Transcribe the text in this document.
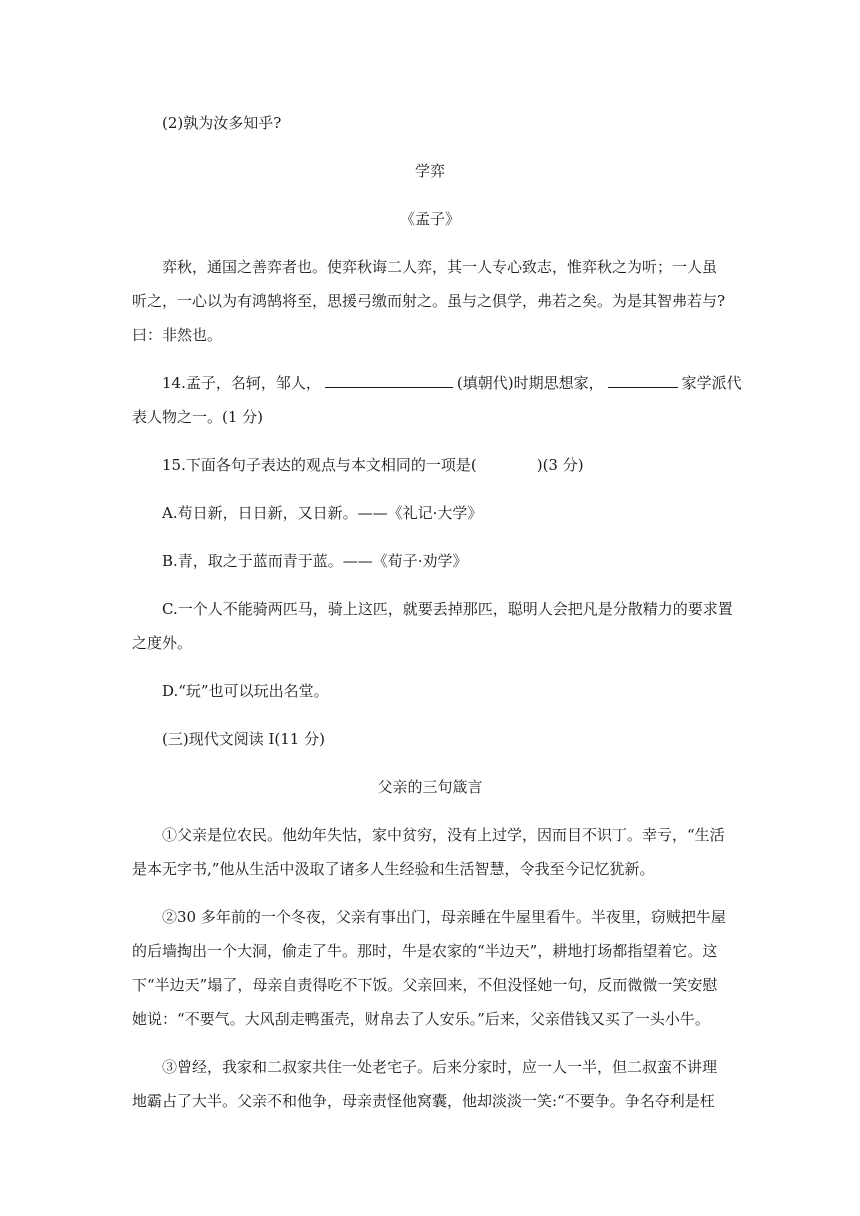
(2)孰为汝多知乎?
学弈
《孟子》
弈秋，通国之善弈者也。使弈秋诲二人弈，其一人专心致志，惟弈秋之为听；一人虽
听之，一心以为有鸿鹄将至，思援弓缴而射之。虽与之俱学，弗若之矣。为是其智弗若与?
曰：非然也。
14.孟子，名轲，邹人，	(填朝代)时期思想家，	家学派代
表人物之一。(1 分)
15.下面各句子表达的观点与本文相同的一项是(	)(3 分)
A.苟日新，日日新，又日新。——《礼记·大学》
B.青，取之于蓝而青于蓝。——《荀子·劝学》
C.一个人不能骑两匹马，骑上这匹，就要丢掉那匹，聪明人会把凡是分散精力的要求置
之度外。
D.“玩”也可以玩出名堂。
(三)现代文阅读 I(11 分)
父亲的三句箴言
①父亲是位农民。他幼年失怙，家中贫穷，没有上过学，因而目不识丁。幸亏，“生活
是本无字书,”他从生活中汲取了诸多人生经验和生活智慧，令我至今记忆犹新。
②30 多年前的一个冬夜，父亲有事出门，母亲睡在牛屋里看牛。半夜里，窃贼把牛屋
的后墙掏出一个大洞，偷走了牛。那时，牛是农家的“半边天”，耕地打场都指望着它。这
下“半边天”塌了，母亲自责得吃不下饭。父亲回来，不但没怪她一句，反而微微一笑安慰
她说：“不要气。大风刮走鸭蛋壳，财帛去了人安乐。”后来，父亲借钱又买了一头小牛。
③曾经，我家和二叔家共住一处老宅子。后来分家时，应一人一半，但二叔蛮不讲理
地霸占了大半。父亲不和他争，母亲责怪他窝囊，他却淡淡一笑:“不要争。争名夺利是枉
